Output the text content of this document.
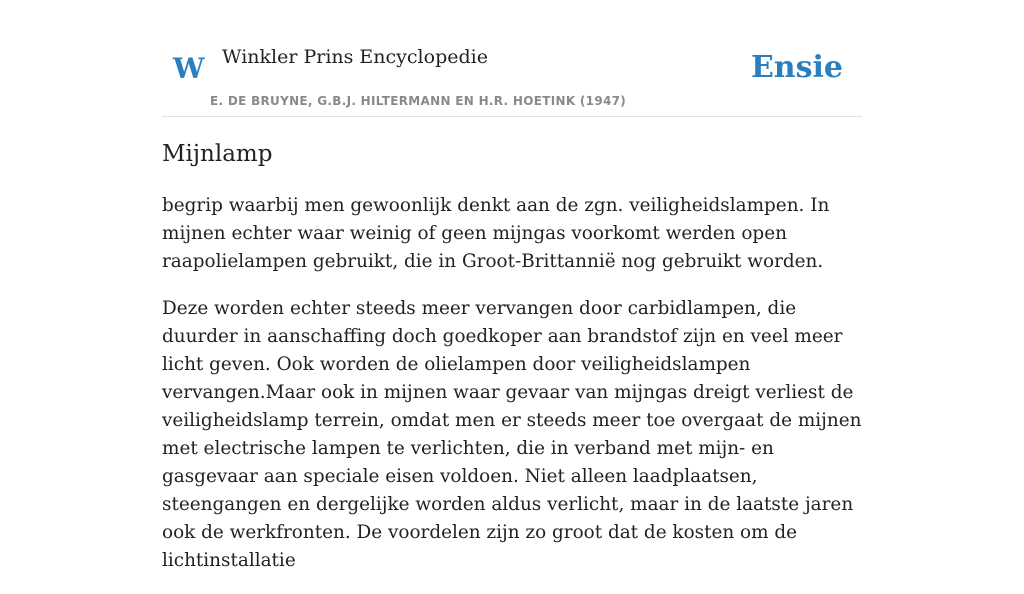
W Winkler Prins Encyclopedie
E. DE BRUYNE, G.B.J. HILTERMANN EN H.R. HOETINK (1947)
Ensie
Mijnlamp

begrip waarbij men gewoonlijk denkt aan de zgn. veiligheidslampen. In mijnen echter waar weinig of geen mijngas voorkomt werden open raapolielampen gebruikt, die in Groot-Brittannië nog gebruikt worden.

Deze worden echter steeds meer vervangen door carbidlampen, die duurder in aanschaffing doch goedkoper aan brandstof zijn en veel meer licht geven. Ook worden de olielampen door veiligheidslampen vervangen.Maar ook in mijnen waar gevaar van mijngas dreigt verliest de veiligheidslamp terrein, omdat men er steeds meer toe overgaat de mijnen met electrische lampen te verlichten, die in verband met mijn- en gasgevaar aan speciale eisen voldoen. Niet alleen laadplaatsen, steengangen en dergelijke worden aldus verlicht, maar in de laatste jaren ook de werkfronten. De voordelen zijn zo groot dat de kosten om de lichtinstallatie
